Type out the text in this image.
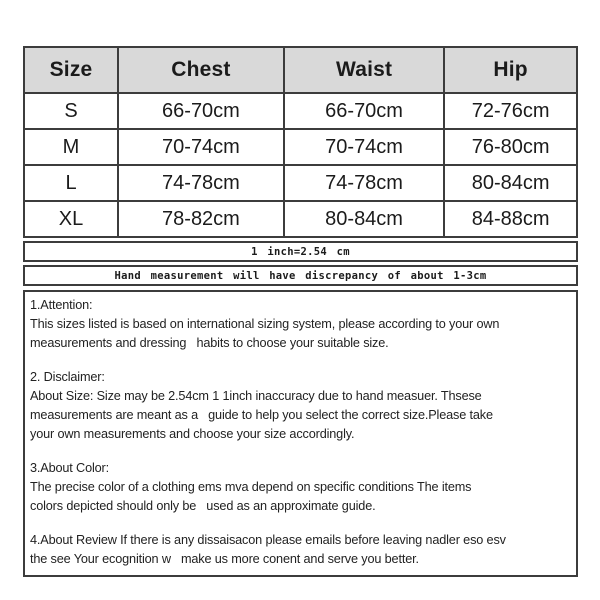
Size	Chest	Waist	Hip
S	66-70cm	66-70cm	72-76cm
M	70-74cm	70-74cm	76-80cm
L	74-78cm	74-78cm	80-84cm
XL	78-82cm	80-84cm	84-88cm
1 inch=2.54 cm
Hand measurement will have discrepancy of about 1-3cm
1.Attention:
This sizes listed is based on international sizing system, please according to your own
measurements and dressing   habits to choose your suitable size.
2. Disclaimer:
About Size: Size may be 2.54cm 1 1inch inaccuracy due to hand measuer. Thsese
measurements are meant as a   guide to help you select the correct size.Please take
your own measurements and choose your size accordingly.
3.About Color:
The precise color of a clothing ems mva depend on specific conditions The items
colors depicted should only be   used as an approximate guide.
4.About Review If there is any dissaisacon please emails before leaving nadler eso esv
the see Your ecognition w   make us more conent and serve you better.
